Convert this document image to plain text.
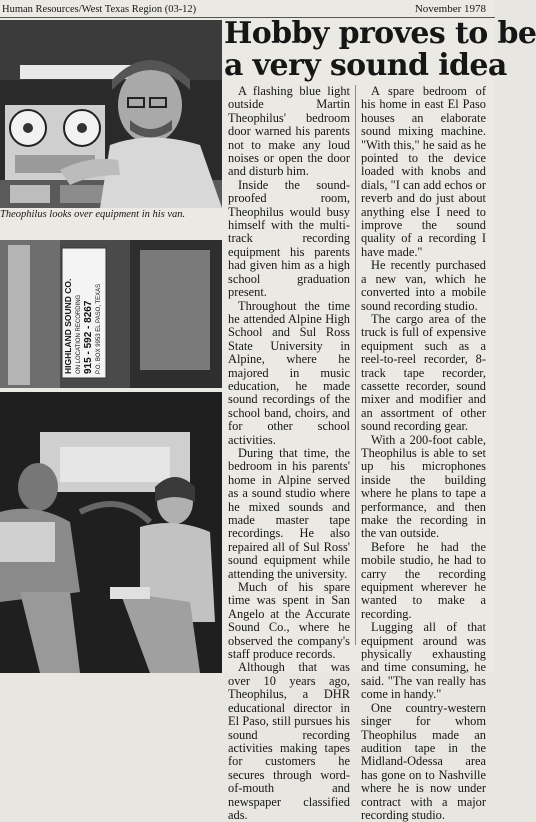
Human Resources/West Texas Region (03-12)	November 1978
Theophilus looks over equipment in his van.
HIGHLAND SOUND CO. ON LOCATION RECORDING 915 - 592 - 8267 P.O. BOX 9953 EL PASO, TEXAS
Hobby proves to be
a very sound idea

A flashing blue light outside Martin Theophilus' bedroom door warned his parents not to make any loud noises or open the door and disturb him.

Inside the sound-proofed room, Theophilus would busy himself with the multi-track recording equipment his parents had given him as a high school graduation present.

Throughout the time he attended Alpine High School and Sul Ross State University in Alpine, where he majored in music education, he made sound recordings of the school band, choirs, and for other school activities.

During that time, the bedroom in his parents' home in Alpine served as a sound studio where he mixed sounds and made master tape recordings. He also repaired all of Sul Ross' sound equipment while attending the university.

Much of his spare time was spent in San Angelo at the Accurate Sound Co., where he observed the company's staff produce records.

Although that was over 10 years ago, Theophilus, a DHR educational director in El Paso, still pursues his sound recording activities making tapes for customers he secures through word-of-mouth and newspaper classified ads.

A spare bedroom of his home in east El Paso houses an elaborate sound mixing machine. "With this," he said as he pointed to the device loaded with knobs and dials, "I can add echos or reverb and do just about anything else I need to improve the sound quality of a recording I have made."

He recently purchased a new van, which he converted into a mobile sound recording studio.

The cargo area of the truck is full of expensive equipment such as a reel-to-reel recorder, 8-track tape recorder, cassette recorder, sound mixer and modifier and an assortment of other sound recording gear.

With a 200-foot cable, Theophilus is able to set up his microphones inside the building where he plans to tape a performance, and then make the recording in the van outside.

Before he had the mobile studio, he had to carry the recording equipment wherever he wanted to make a recording.

Lugging all of that equipment around was physically exhausting and time consuming, he said. "The van really has come in handy."

One country-western singer for whom Theophilus made an audition tape in the Midland-Odessa area has gone on to Nashville where he is now under contract with a major recording studio.
